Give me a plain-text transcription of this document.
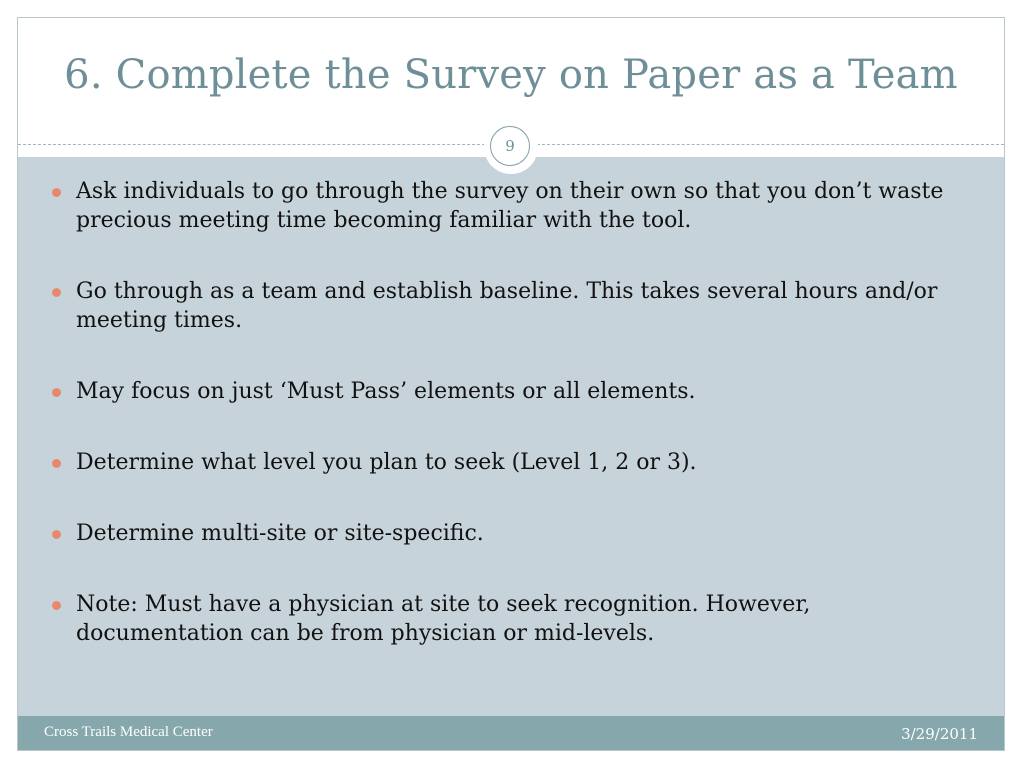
6. Complete the Survey on Paper as a Team
Ask individuals to go through the survey on their own so that you don’t waste precious meeting time becoming familiar with the tool.
Go through as a team and establish baseline. This takes several hours and/or meeting times.
May focus on just ‘Must Pass’ elements or all elements.
Determine what level you plan to seek (Level 1, 2 or 3).
Determine multi-site or site-specific.
Note: Must have a physician at site to seek recognition. However, documentation can be from physician or mid-levels.
9
Cross Trails Medical Center	3/29/2011
